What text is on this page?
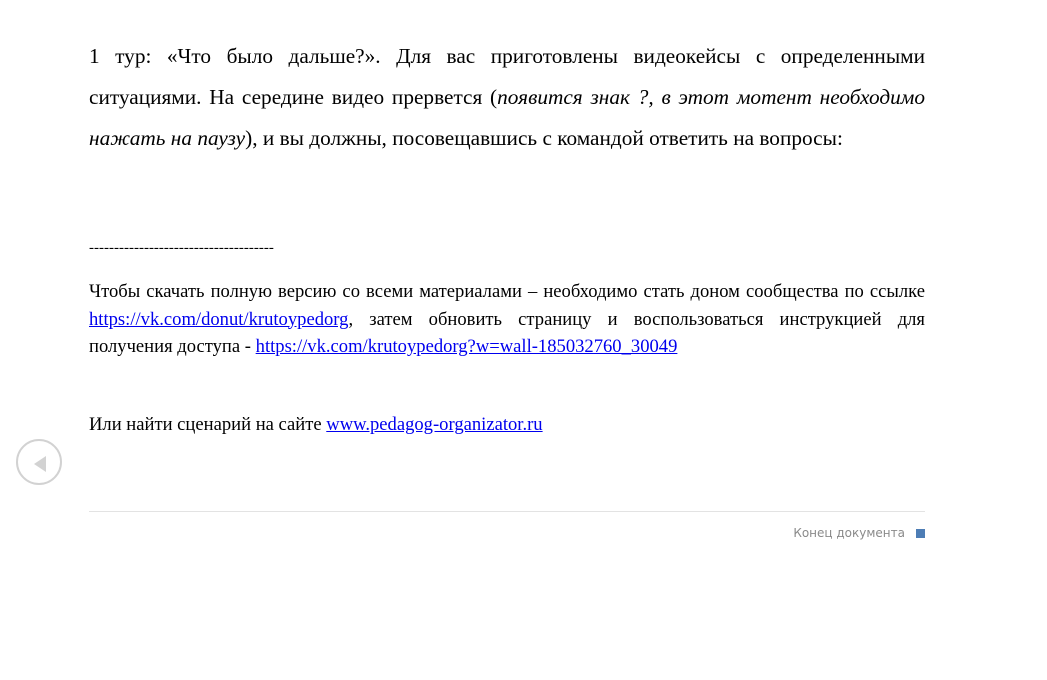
1 тур: «Что было дальше?». Для вас приготовлены видеокейсы с определенными ситуациями. На середине видео прервется (появится знак ?, в этот моmент необходимо нажать на паузу), и вы должны, посовещавшись с командой ответить на вопросы:

-------------------------------------

Чтобы скачать полную версию со всеми материалами – необходимо стать доном сообщества по ссылке https://vk.com/donut/krutoypedorg, затем обновить страницу и воспользоваться инструкцией для получения доступа - https://vk.com/krutoypedorg?w=wall-185032760_30049

Или найти сценарий на сайте www.pedagog-organizator.ru

Конец документа
